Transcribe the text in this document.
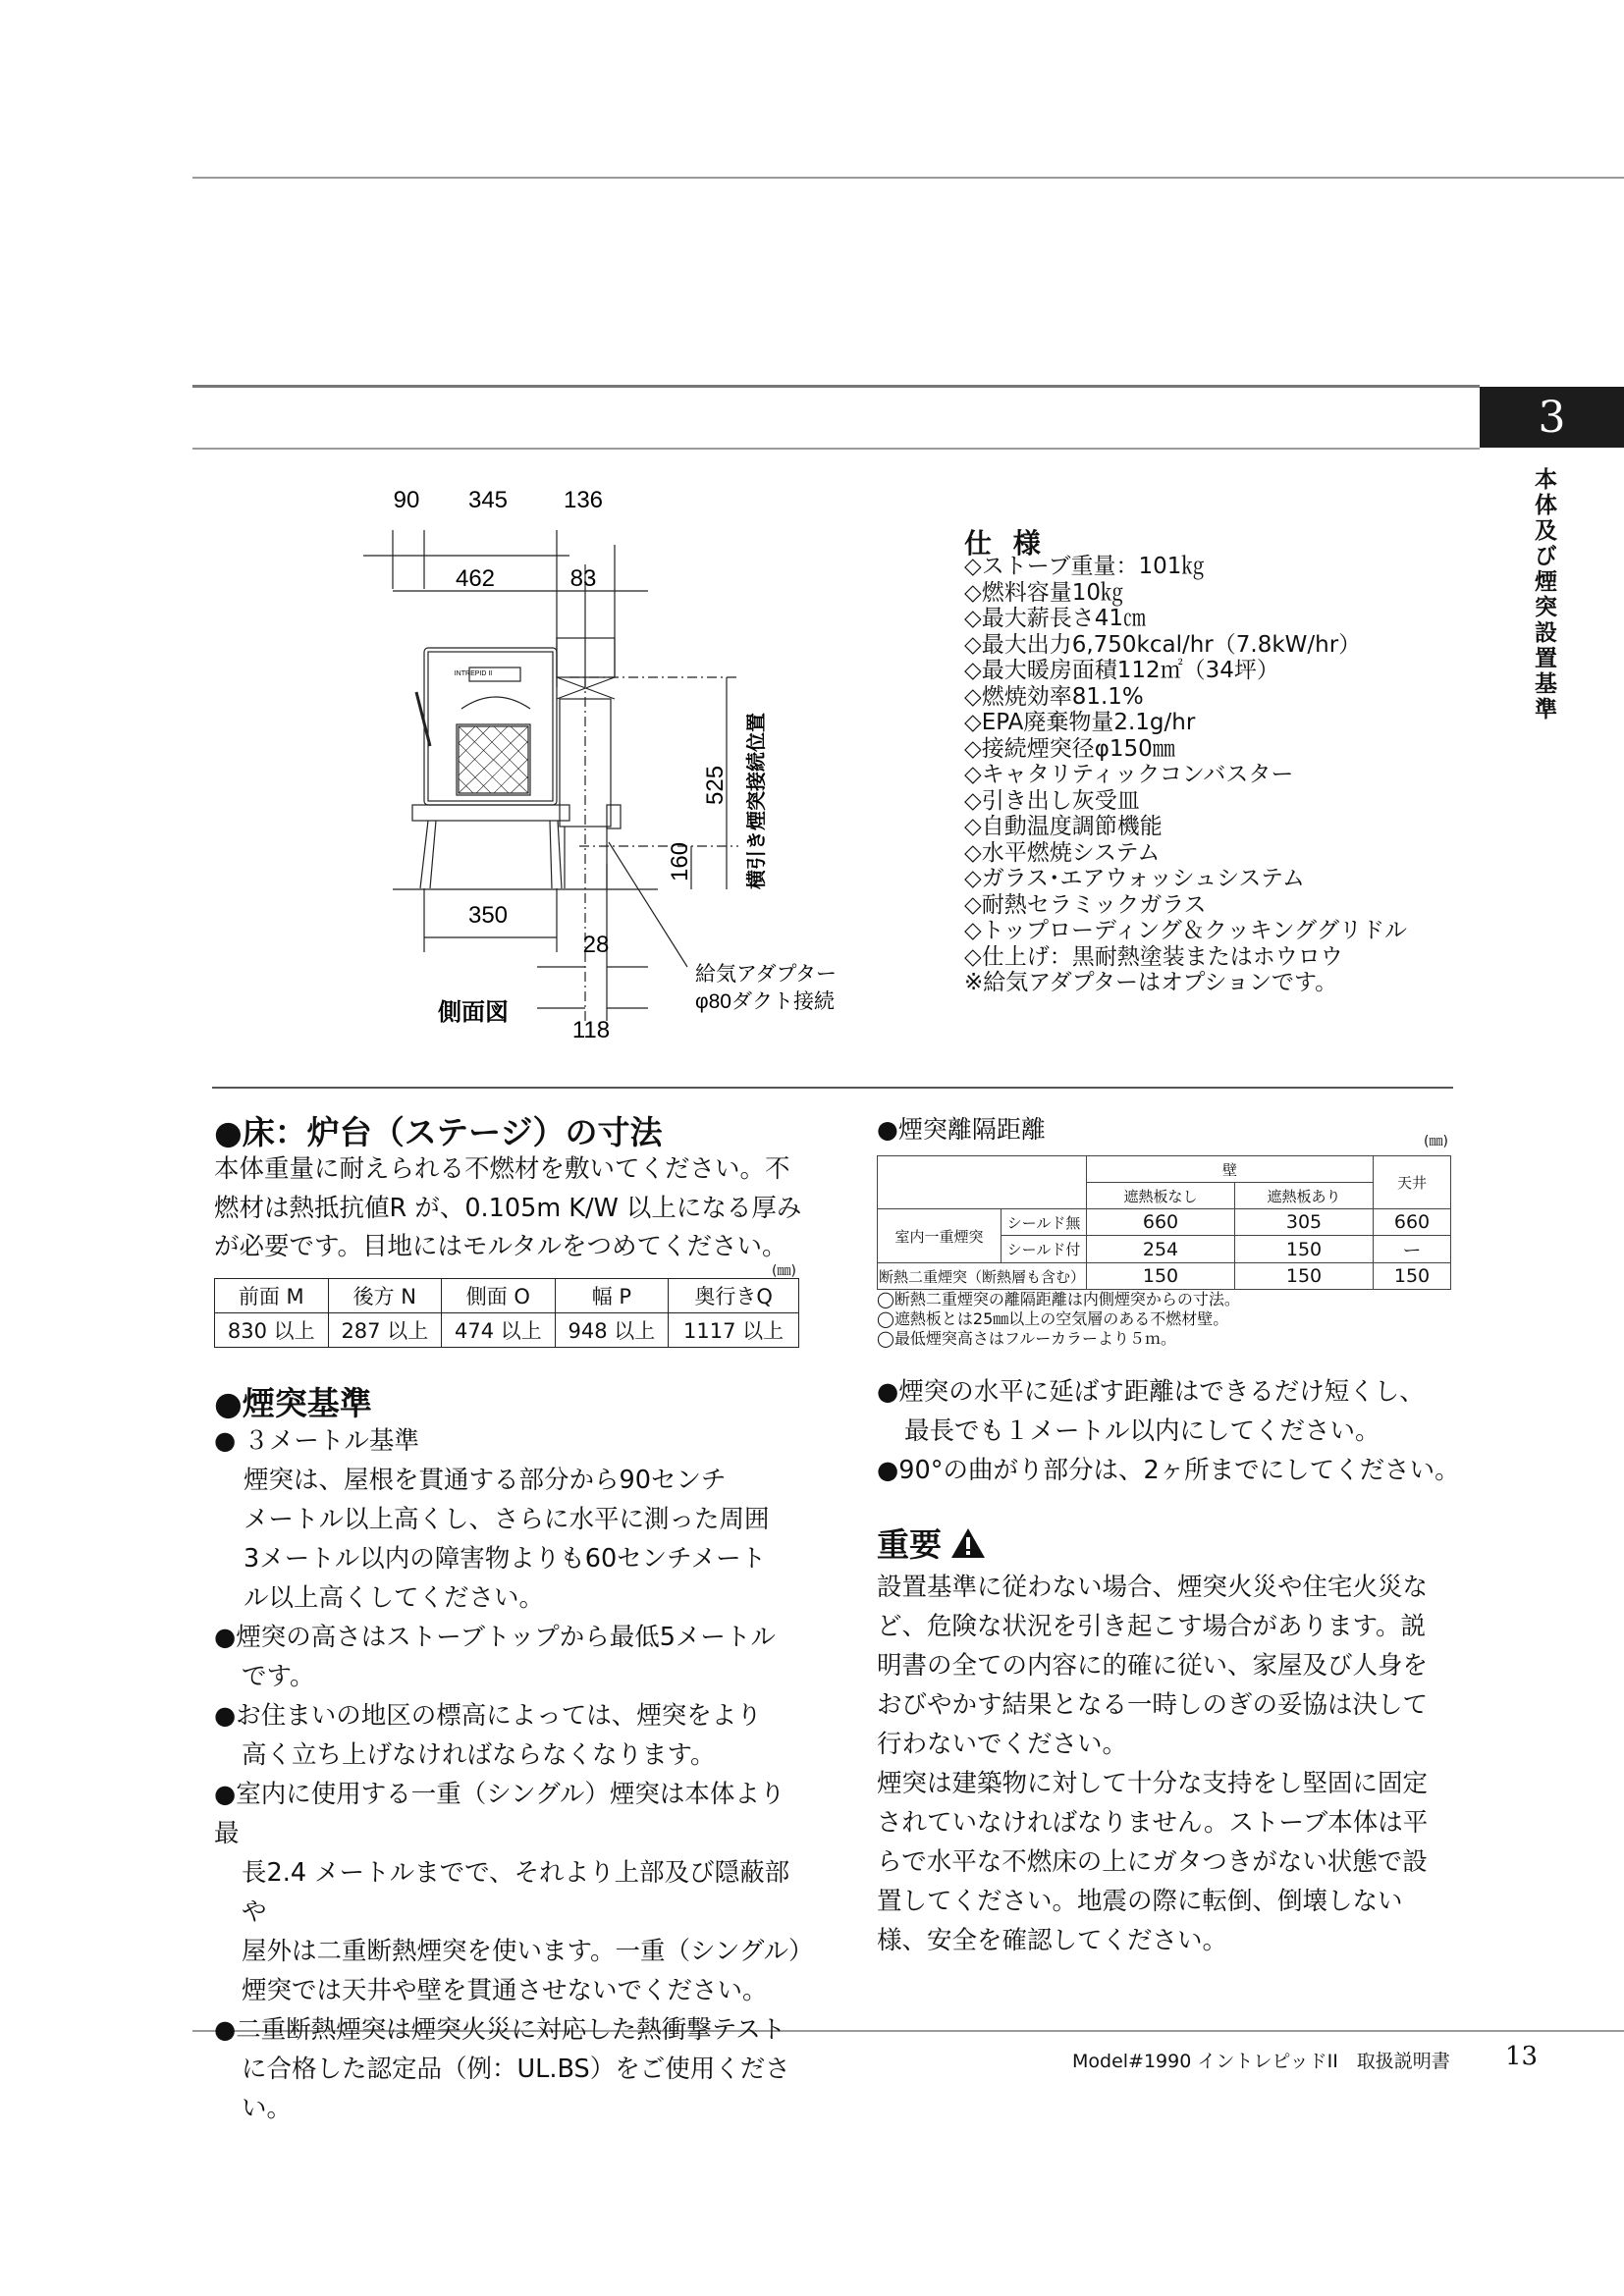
3
本体及び煙突設置基準
90 345 136
462	83
INTREPID II
525
160	横引き煙突接続位置
350
28
118
給気アダプター
φ80ダクト接続
側面図
仕 様
◇ストーブ重量：101㎏
◇燃料容量10㎏
◇最大薪長さ41㎝
◇最大出力6,750kcal/hr（7.8kW/hr）
◇最大暖房面積112㎡（34坪）
◇燃焼効率81.1%
◇EPA廃棄物量2.1g/hr
◇接続煙突径φ150㎜
◇キャタリティックコンバスター
◇引き出し灰受皿
◇自動温度調節機能
◇水平燃焼システム
◇ガラス･エアウォッシュシステム
◇耐熱セラミックガラス
◇トップローディング＆クッキンググリドル
◇仕上げ：黒耐熱塗装またはホウロウ
※給気アダプターはオプションです。
●床：炉台（ステージ）の寸法
本体重量に耐えられる不燃材を敷いてください。不
燃材は熱抵抗値R が、0.105m K/W 以上になる厚み
が必要です。目地にはモルタルをつめてください。
(㎜)
前面 M	後方 N	側面 O	幅 P	奥行きQ
830 以上	287 以上	474 以上	948 以上	1117 以上
●煙突基準
● ３メートル基準
煙突は、屋根を貫通する部分から90センチ
メートル以上高くし、さらに水平に測った周囲
3メートル以内の障害物よりも60センチメート
ル以上高くしてください。
●煙突の高さはストーブトップから最低5メートル
です。
●お住まいの地区の標高によっては、煙突をより
高く立ち上げなければならなくなります。
●室内に使用する一重（シングル）煙突は本体より最
長2.4 メートルまでで、それより上部及び隠蔽部や
屋外は二重断熱煙突を使います。一重（シングル）
煙突では天井や壁を貫通させないでください。
●二重断熱煙突は煙突火災に対応した熱衝撃テスト
に合格した認定品（例：UL.BS）をご使用ください。
●煙突離隔距離	(㎜)
		壁		天井
		遮熱板なし	遮熱板あり	
室内一重煙突	シールド無	660	305	660
	シールド付	254	150	ー
断熱二重煙突（断熱層も含む）		150	150	150
◯断熱二重煙突の離隔距離は内側煙突からの寸法。
◯遮熱板とは25㎜以上の空気層のある不燃材壁。
◯最低煙突高さはフルーカラーより５ｍ。
●煙突の水平に延ばす距離はできるだけ短くし、
最長でも１メートル以内にしてください。
●90°の曲がり部分は、2ヶ所までにしてください。
重要
設置基準に従わない場合、煙突火災や住宅火災な
ど、危険な状況を引き起こす場合があります。説
明書の全ての内容に的確に従い、家屋及び人身を
おびやかす結果となる一時しのぎの妥協は決して
行わないでください。
煙突は建築物に対して十分な支持をし堅固に固定
されていなければなりません。ストーブ本体は平
らで水平な不燃床の上にガタつきがない状態で設
置してください。地震の際に転倒、倒壊しない
様、安全を確認してください。
Model#1990 イントレピッドII　取扱説明書 13
